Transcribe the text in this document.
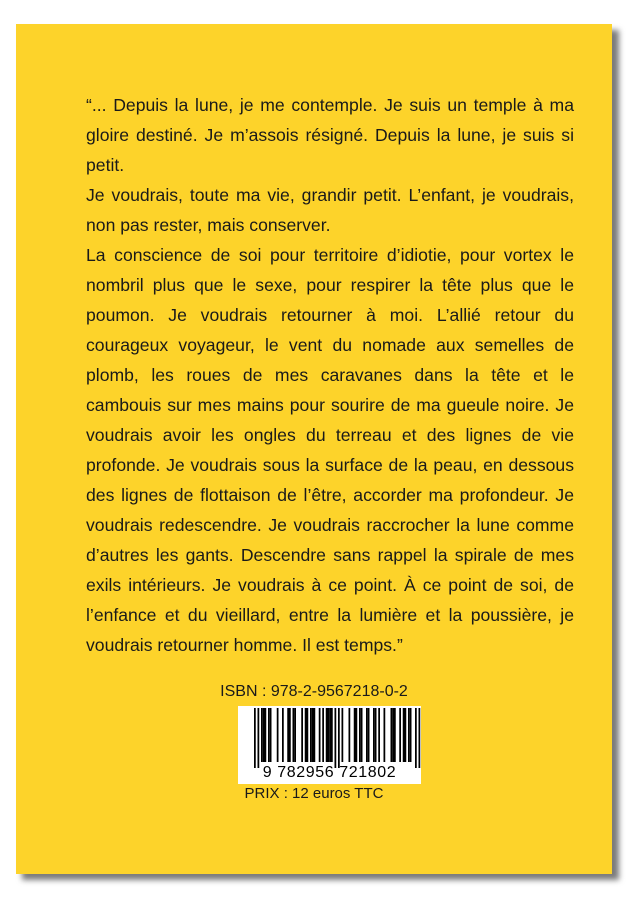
“... Depuis la lune, je me contemple. Je suis un temple à ma gloire destiné. Je m’assois résigné. Depuis la lune, je suis si petit.

Je voudrais, toute ma vie, grandir petit. L’enfant, je voudrais, non pas rester, mais conserver.

La conscience de soi pour territoire d’idiotie, pour vortex le nombril plus que le sexe, pour respirer la tête plus que le poumon. Je voudrais retourner à moi. L’allié retour du courageux voyageur, le vent du nomade aux semelles de plomb, les roues de mes caravanes dans la tête et le cambouis sur mes mains pour sourire de ma gueule noire. Je voudrais avoir les ongles du terreau et des lignes de vie profonde. Je voudrais sous la surface de la peau, en dessous des lignes de flottaison de l’être, accorder ma profondeur. Je voudrais redescendre. Je voudrais raccrocher la lune comme d’autres les gants. Descendre sans rappel la spirale de mes exils intérieurs. Je voudrais à ce point. À ce point de soi, de l’enfance et du vieillard, entre la lumière et la poussière, je voudrais retourner homme. Il est temps.”

ISBN : 978-2-9567218-0-2
9 782956 721802
PRIX : 12 euros TTC
